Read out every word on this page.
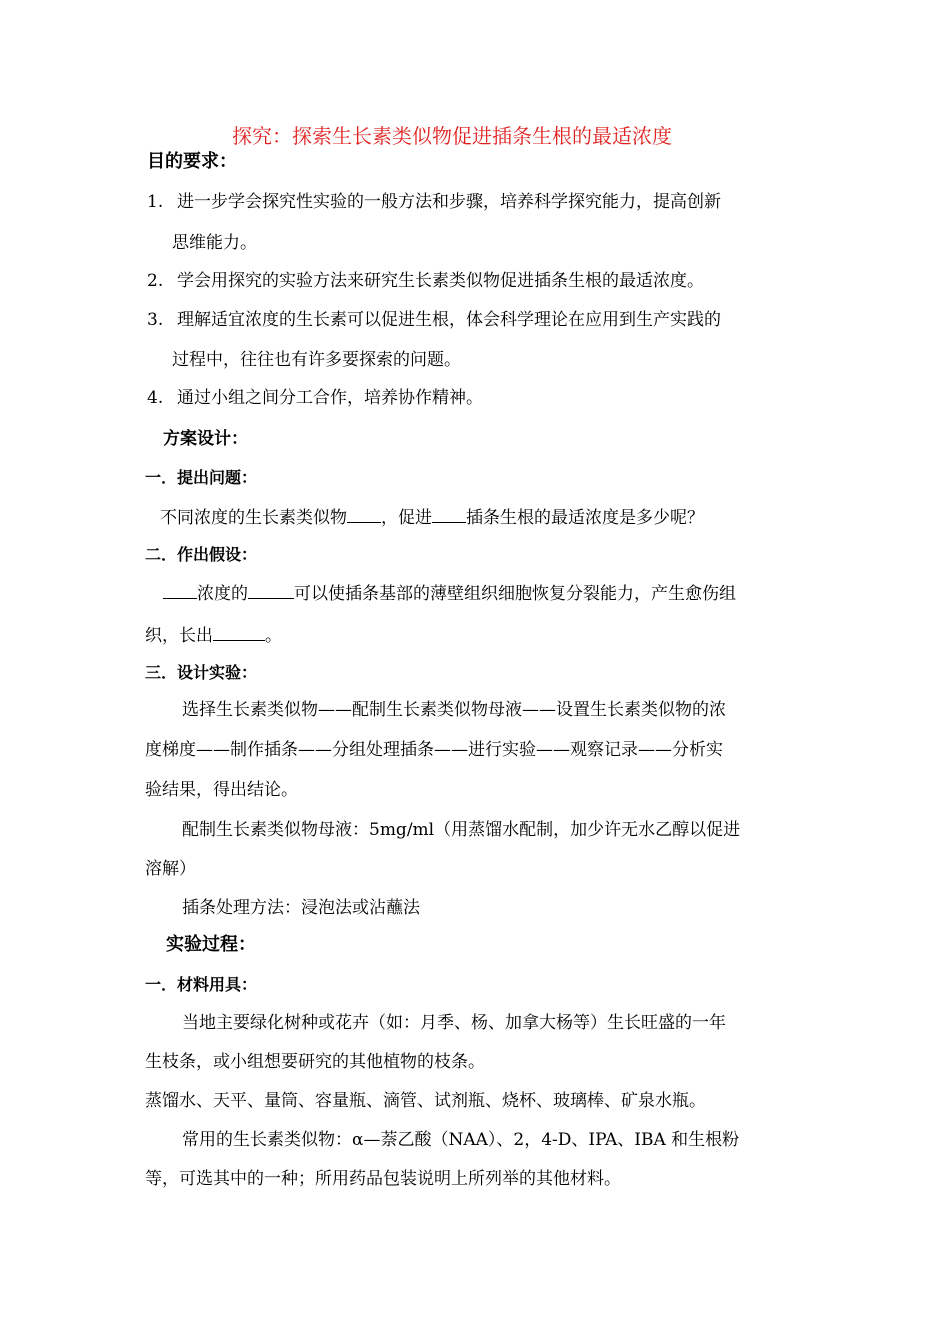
探究：探索生长素类似物促进插条生根的最适浓度
目的要求：
1. 进一步学会探究性实验的一般方法和步骤，培养科学探究能力，提高创新
思维能力。
2. 学会用探究的实验方法来研究生长素类似物促进插条生根的最适浓度。
3. 理解适宜浓度的生长素可以促进生根，体会科学理论在应用到生产实践的
过程中，往往也有许多要探索的问题。
4. 通过小组之间分工合作，培养协作精神。
方案设计：
一．提出问题：
不同浓度的生长素类似物 ，促进 插条生根的最适浓度是多少呢？
二．作出假设：
浓度的	可以使插条基部的薄壁组织细胞恢复分裂能力，产生愈伤组
织，长出	。
三．设计实验：
选择生长素类似物——配制生长素类似物母液——设置生长素类似物的浓
度梯度——制作插条——分组处理插条——进行实验——观察记录——分析实
验结果，得出结论。
配制生长素类似物母液：5mg/ml（用蒸馏水配制，加少许无水乙醇以促进
溶解）
插条处理方法：浸泡法或沾蘸法
实验过程：
一．材料用具：
当地主要绿化树种或花卉（如：月季、杨、加拿大杨等）生长旺盛的一年
生枝条，或小组想要研究的其他植物的枝条。
蒸馏水、天平、量筒、容量瓶、滴管、试剂瓶、烧杯、玻璃棒、矿泉水瓶。
常用的生长素类似物：α—萘乙酸（NAA）、2，4-D、IPA、IBA 和生根粉
等，可选其中的一种；所用药品包装说明上所列举的其他材料。
